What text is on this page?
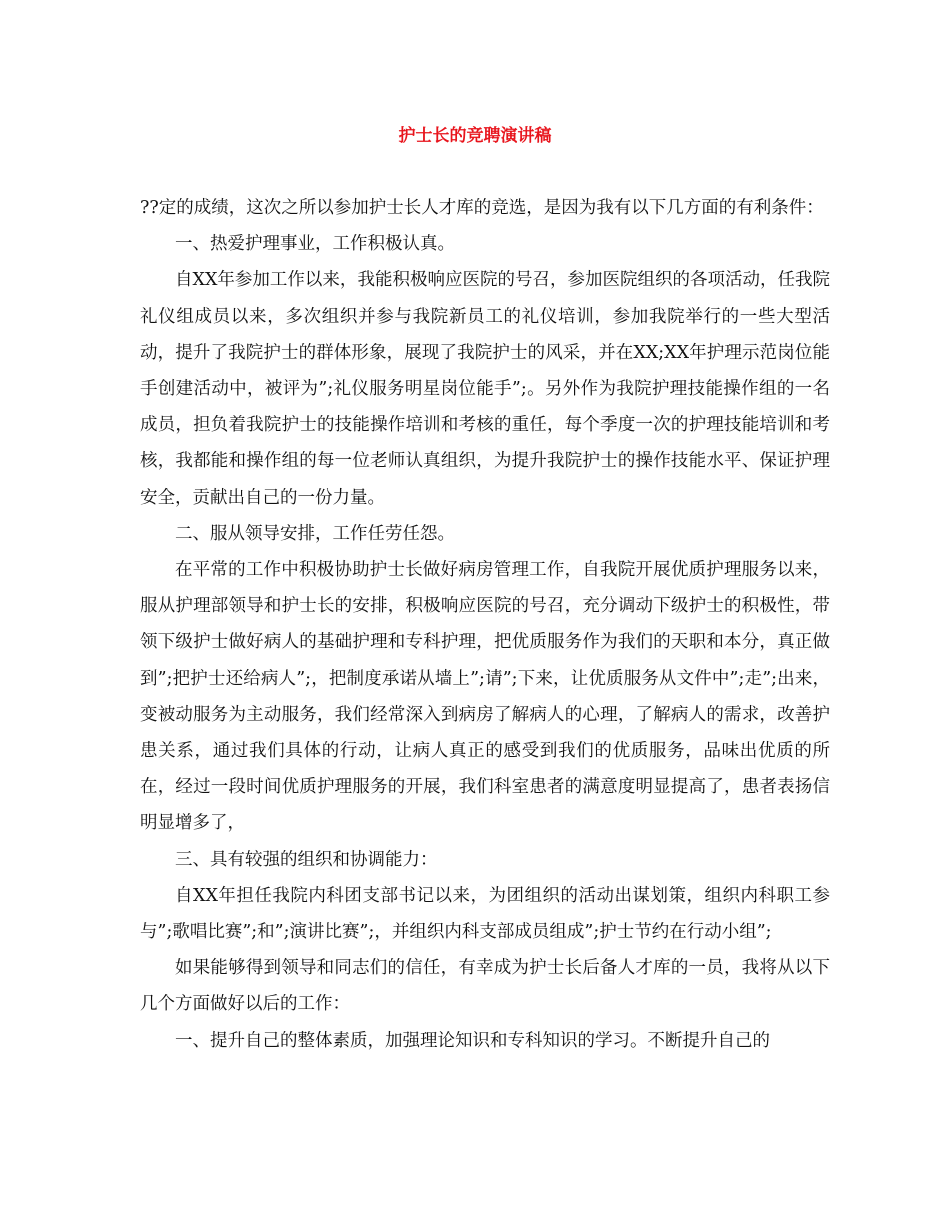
护士长的竞聘演讲稿

??定的成绩，这次之所以参加护士长人才库的竞选，是因为我有以下几方面的有利条件：

一、热爱护理事业，工作积极认真。

自XX年参加工作以来，我能积极响应医院的号召，参加医院组织的各项活动，任我院礼仪组成员以来，多次组织并参与我院新员工的礼仪培训，参加我院举行的一些大型活动，提升了我院护士的群体形象，展现了我院护士的风采，并在XX;XX年护理示范岗位能手创建活动中，被评为”;礼仪服务明星岗位能手”;。另外作为我院护理技能操作组的一名成员，担负着我院护士的技能操作培训和考核的重任，每个季度一次的护理技能培训和考核，我都能和操作组的每一位老师认真组织，为提升我院护士的操作技能水平、保证护理安全，贡献出自己的一份力量。

二、服从领导安排，工作任劳任怨。

在平常的工作中积极协助护士长做好病房管理工作，自我院开展优质护理服务以来，服从护理部领导和护士长的安排，积极响应医院的号召，充分调动下级护士的积极性，带领下级护士做好病人的基础护理和专科护理，把优质服务作为我们的天职和本分，真正做到”;把护士还给病人”;，把制度承诺从墙上”;请”;下来，让优质服务从文件中”;走”;出来，变被动服务为主动服务，我们经常深入到病房了解病人的心理，了解病人的需求，改善护患关系，通过我们具体的行动，让病人真正的感受到我们的优质服务，品味出优质的所在，经过一段时间优质护理服务的开展，我们科室患者的满意度明显提高了，患者表扬信明显增多了，

三、具有较强的组织和协调能力：

自XX年担任我院内科团支部书记以来，为团组织的活动出谋划策，组织内科职工参与”;歌唱比赛”;和”;演讲比赛”;，并组织内科支部成员组成”;护士节约在行动小组”;

如果能够得到领导和同志们的信任，有幸成为护士长后备人才库的一员，我将从以下几个方面做好以后的工作：

一、提升自己的整体素质，加强理论知识和专科知识的学习。不断提升自己的
